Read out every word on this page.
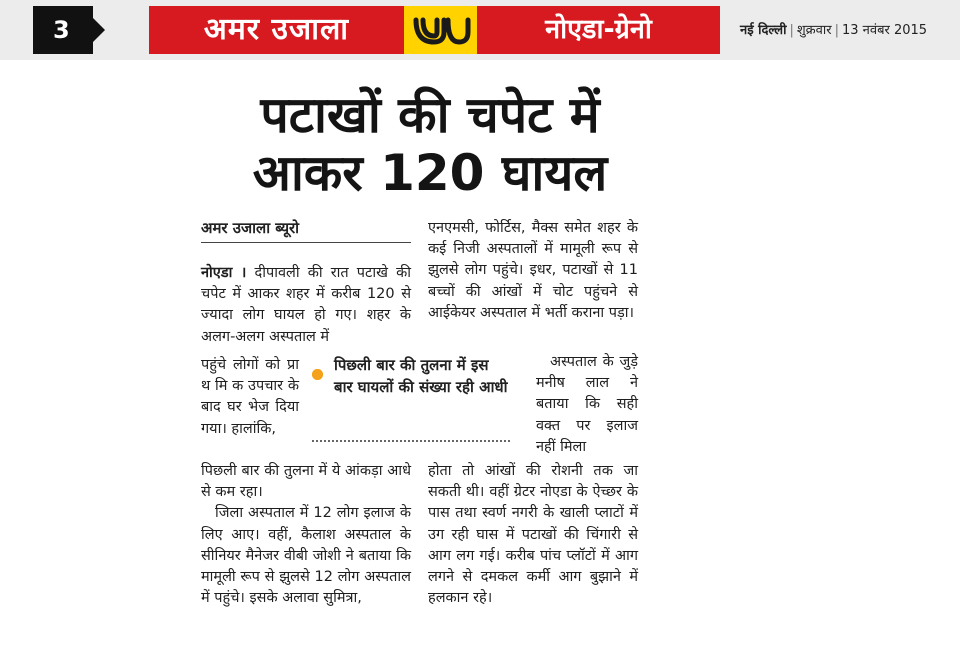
3	अमर उजाला	नोएडा-ग्रेनो	नई दिल्ली | शुक्रवार | 13 नवंबर 2015
पटाखों की चपेट में
आकर 120 घायल
अमर उजाला ब्यूरो

नोएडा । दीपावली की रात पटाखे की चपेट में आकर शहर में करीब 120 से ज्यादा लोग घायल हो गए। शहर के अलग-अलग अस्पताल में

पहुंचे लोगों को प्रा थ मि क उपचार के बाद घर भेज दिया गया। हालांकि,

पिछली बार की तुलना में ये आंकड़ा आधे से कम रहा।

जिला अस्पताल में 12 लोग इलाज के लिए आए। वहीं, कैलाश अस्पताल के सीनियर मैनेजर वीबी जोशी ने बताया कि मामूली रूप से झुलसे 12 लोग अस्पताल में पहुंचे। इसके अलावा सुमित्रा,

एनएमसी, फोर्टिस, मैक्स समेत शहर के कई निजी अस्पतालों में मामूली रूप से झुलसे लोग पहुंचे। इधर, पटाखों से 11 बच्चों की आंखों में चोट पहुंचने से आईकेयर अस्पताल में भर्ती कराना पड़ा।

अस्पताल के जुड़े मनीष लाल ने बताया कि सही वक्त पर इलाज नहीं मिला

होता तो आंखों की रोशनी तक जा सकती थी। वहीं ग्रेटर नोएडा के ऐच्छर के पास तथा स्वर्ण नगरी के खाली प्लाटों में उग रही घास में पटाखों की चिंगारी से आग लग गई। करीब पांच प्लॉटों में आग लगने से दमकल कर्मी आग बुझाने में हलकान रहे।

पिछली बार की तुलना में इस बार घायलों की संख्या रही आधी
